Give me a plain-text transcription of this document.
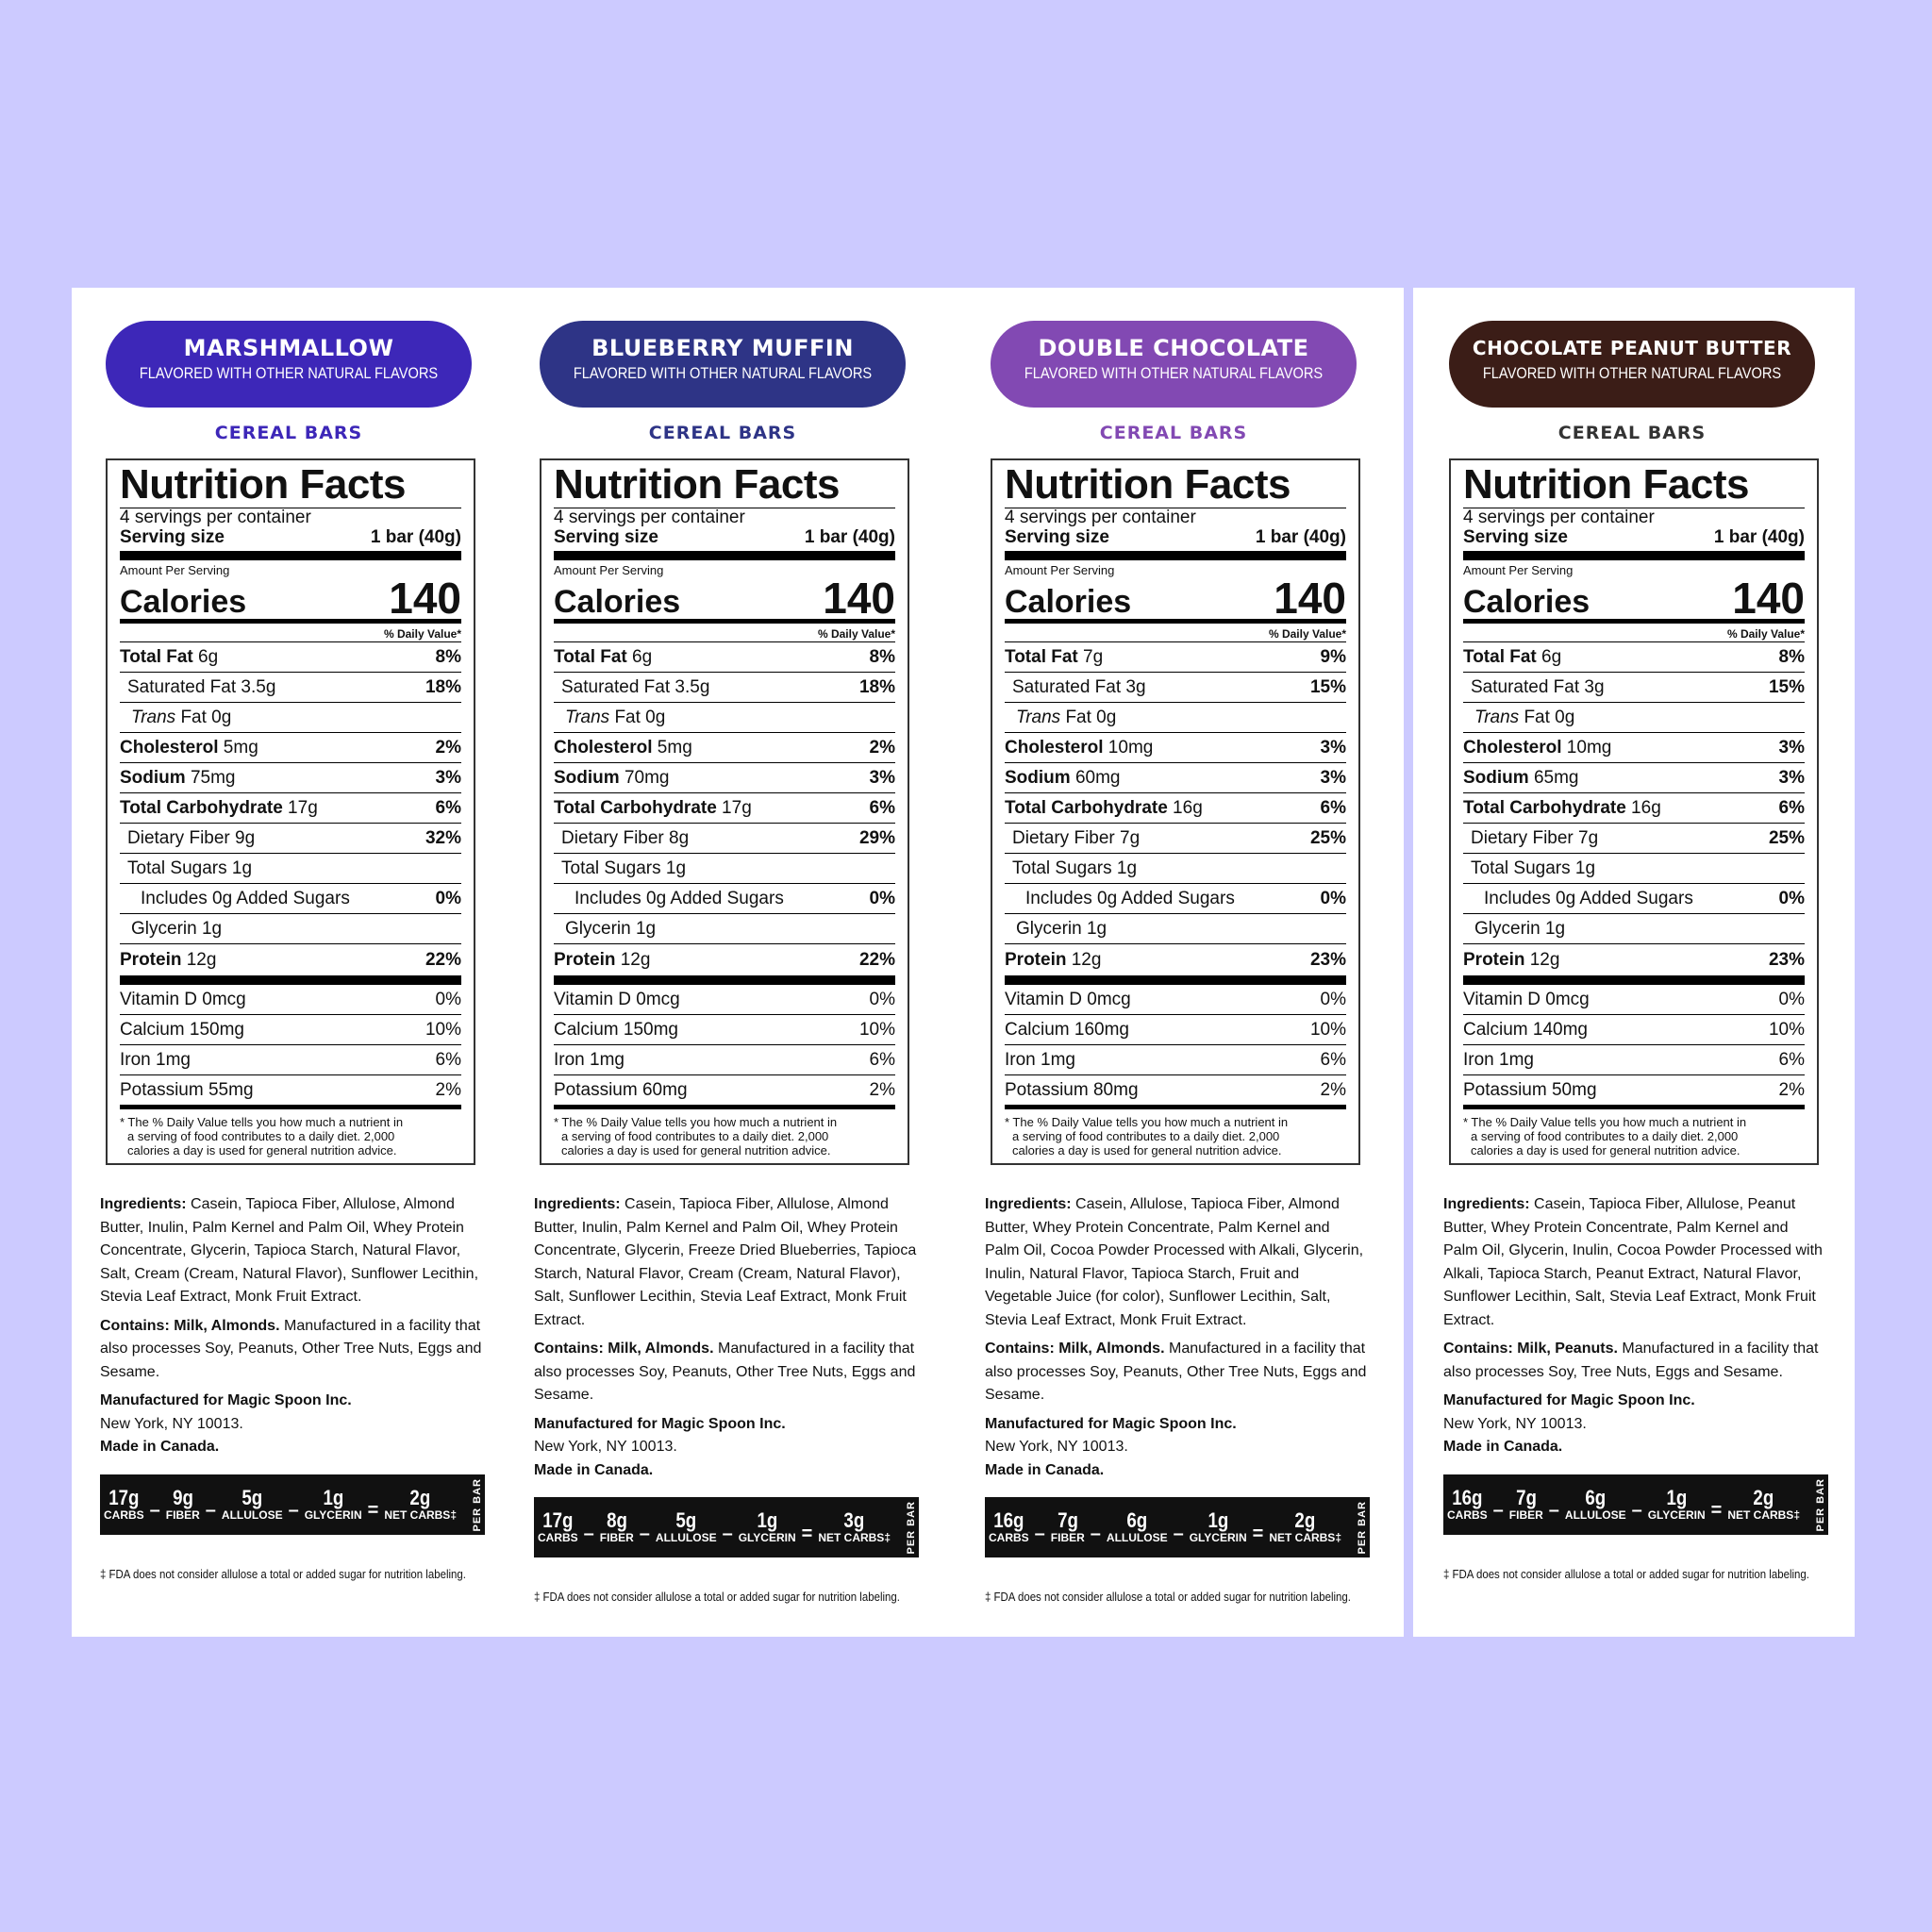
MARSHMALLOW
FLAVORED WITH OTHER NATURAL FLAVORS
CEREAL BARS
Nutrition Facts
4 servings per container
Serving size	1 bar (40g)
Amount Per Serving
Calories	140
% Daily Value*
Total Fat 6g	8%
Saturated Fat 3.5g	18%
Trans Fat 0g
Cholesterol 5mg	2%
Sodium 75mg	3%
Total Carbohydrate 17g	6%
Dietary Fiber 9g	32%
Total Sugars 1g
Includes 0g Added Sugars	0%
Glycerin 1g
Protein 12g	22%
Vitamin D 0mcg	0%
Calcium 150mg	10%
Iron 1mg	6%
Potassium 55mg	2%
* The % Daily Value tells you how much a nutrient in
a serving of food contributes to a daily diet. 2,000
calories a day is used for general nutrition advice.

Ingredients: Casein, Tapioca Fiber, Allulose, Almond Butter, Inulin, Palm Kernel and Palm Oil, Whey Protein Concentrate, Glycerin, Tapioca Starch, Natural Flavor, Salt, Cream (Cream, Natural Flavor), Sunflower Lecithin, Stevia Leaf Extract, Monk Fruit Extract.

Contains: Milk, Almonds. Manufactured in a facility that also processes Soy, Peanuts, Other Tree Nuts, Eggs and Sesame.

Manufactured for Magic Spoon Inc.

New York, NY 10013.

Made in Canada.

17g
CARBS –
9g
FIBER –
5g
ALLULOSE –
1g
GLYCERIN =
2g
NET CARBS‡ PER BAR
‡ FDA does not consider allulose a total or added sugar for nutrition labeling.
BLUEBERRY MUFFIN
FLAVORED WITH OTHER NATURAL FLAVORS
CEREAL BARS
Nutrition Facts
4 servings per container
Serving size	1 bar (40g)
Amount Per Serving
Calories	140
% Daily Value*
Total Fat 6g	8%
Saturated Fat 3.5g	18%
Trans Fat 0g
Cholesterol 5mg	2%
Sodium 70mg	3%
Total Carbohydrate 17g	6%
Dietary Fiber 8g	29%
Total Sugars 1g
Includes 0g Added Sugars	0%
Glycerin 1g
Protein 12g	22%
Vitamin D 0mcg	0%
Calcium 150mg	10%
Iron 1mg	6%
Potassium 60mg	2%
* The % Daily Value tells you how much a nutrient in
a serving of food contributes to a daily diet. 2,000
calories a day is used for general nutrition advice.

Ingredients: Casein, Tapioca Fiber, Allulose, Almond Butter, Inulin, Palm Kernel and Palm Oil, Whey Protein Concentrate, Glycerin, Freeze Dried Blueberries, Tapioca Starch, Natural Flavor, Cream (Cream, Natural Flavor), Salt, Sunflower Lecithin, Stevia Leaf Extract, Monk Fruit Extract.

Contains: Milk, Almonds. Manufactured in a facility that also processes Soy, Peanuts, Other Tree Nuts, Eggs and Sesame.

Manufactured for Magic Spoon Inc.

New York, NY 10013.

Made in Canada.

17g
CARBS –
8g
FIBER –
5g
ALLULOSE –
1g
GLYCERIN =
3g
NET CARBS‡ PER BAR
‡ FDA does not consider allulose a total or added sugar for nutrition labeling.
DOUBLE CHOCOLATE
FLAVORED WITH OTHER NATURAL FLAVORS
CEREAL BARS
Nutrition Facts
4 servings per container
Serving size	1 bar (40g)
Amount Per Serving
Calories	140
% Daily Value*
Total Fat 7g	9%
Saturated Fat 3g	15%
Trans Fat 0g
Cholesterol 10mg	3%
Sodium 60mg	3%
Total Carbohydrate 16g	6%
Dietary Fiber 7g	25%
Total Sugars 1g
Includes 0g Added Sugars	0%
Glycerin 1g
Protein 12g	23%
Vitamin D 0mcg	0%
Calcium 160mg	10%
Iron 1mg	6%
Potassium 80mg	2%
* The % Daily Value tells you how much a nutrient in
a serving of food contributes to a daily diet. 2,000
calories a day is used for general nutrition advice.

Ingredients: Casein, Allulose, Tapioca Fiber, Almond Butter, Whey Protein Concentrate, Palm Kernel and Palm Oil, Cocoa Powder Processed with Alkali, Glycerin, Inulin, Natural Flavor, Tapioca Starch, Fruit and Vegetable Juice (for color), Sunflower Lecithin, Salt, Stevia Leaf Extract, Monk Fruit Extract.

Contains: Milk, Almonds. Manufactured in a facility that also processes Soy, Peanuts, Other Tree Nuts, Eggs and Sesame.

Manufactured for Magic Spoon Inc.

New York, NY 10013.

Made in Canada.

16g
CARBS –
7g
FIBER –
6g
ALLULOSE –
1g
GLYCERIN =
2g
NET CARBS‡ PER BAR
‡ FDA does not consider allulose a total or added sugar for nutrition labeling.
CHOCOLATE PEANUT BUTTER
FLAVORED WITH OTHER NATURAL FLAVORS
CEREAL BARS
Nutrition Facts
4 servings per container
Serving size	1 bar (40g)
Amount Per Serving
Calories	140
% Daily Value*
Total Fat 6g	8%
Saturated Fat 3g	15%
Trans Fat 0g
Cholesterol 10mg	3%
Sodium 65mg	3%
Total Carbohydrate 16g	6%
Dietary Fiber 7g	25%
Total Sugars 1g
Includes 0g Added Sugars	0%
Glycerin 1g
Protein 12g	23%
Vitamin D 0mcg	0%
Calcium 140mg	10%
Iron 1mg	6%
Potassium 50mg	2%
* The % Daily Value tells you how much a nutrient in
a serving of food contributes to a daily diet. 2,000
calories a day is used for general nutrition advice.

Ingredients: Casein, Tapioca Fiber, Allulose, Peanut Butter, Whey Protein Concentrate, Palm Kernel and Palm Oil, Glycerin, Inulin, Cocoa Powder Processed with Alkali, Tapioca Starch, Peanut Extract, Natural Flavor, Sunflower Lecithin, Salt, Stevia Leaf Extract, Monk Fruit Extract.

Contains: Milk, Peanuts. Manufactured in a facility that also processes Soy, Tree Nuts, Eggs and Sesame.

Manufactured for Magic Spoon Inc.

New York, NY 10013.

Made in Canada.

16g
CARBS –
7g
FIBER –
6g
ALLULOSE –
1g
GLYCERIN =
2g
NET CARBS‡ PER BAR
‡ FDA does not consider allulose a total or added sugar for nutrition labeling.
